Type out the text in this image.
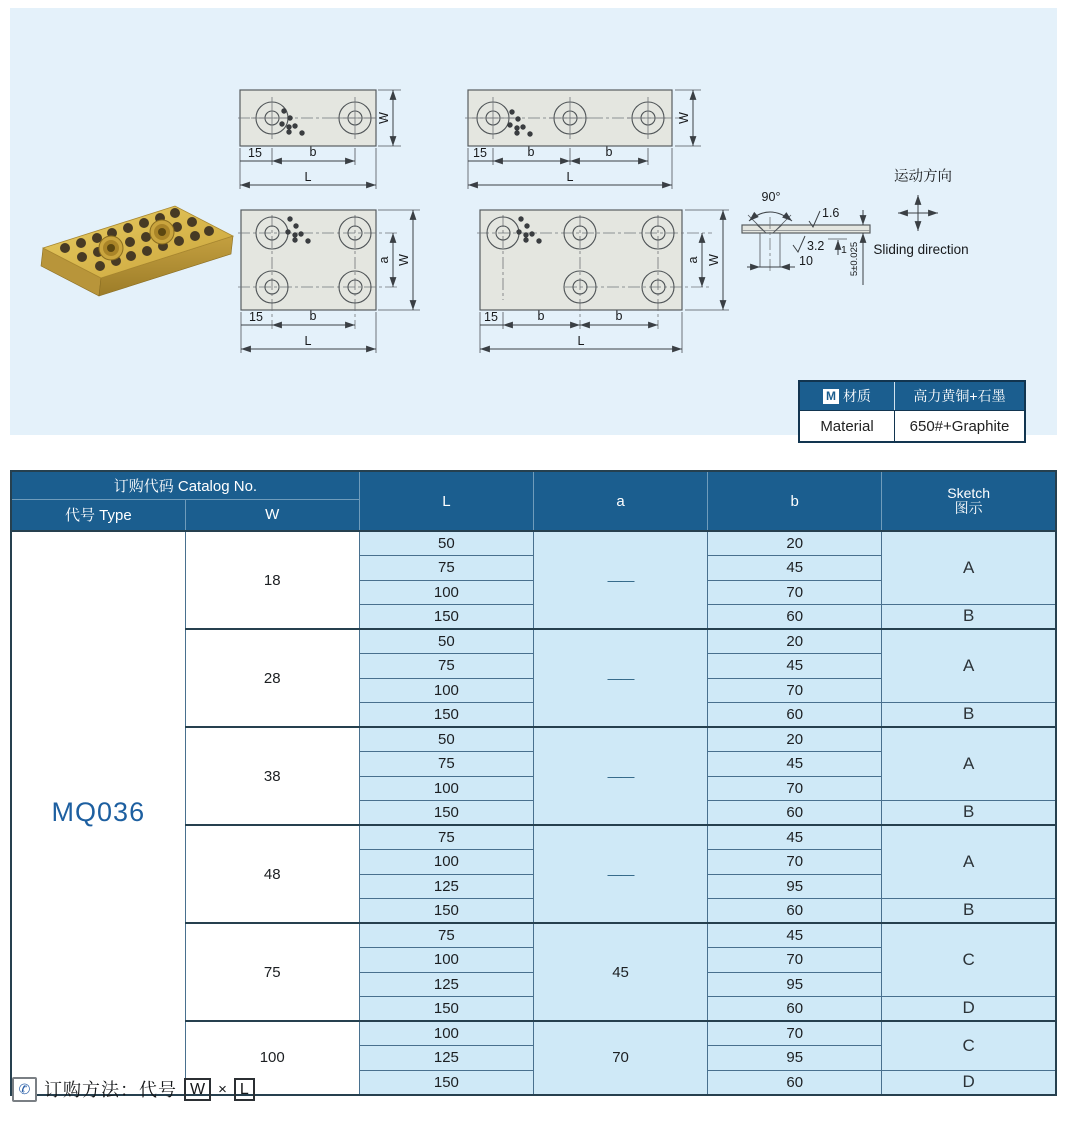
W
15	b
L
W
15	b	b
L
a W
15	b
L
a W
15	b	b
L
运动方向
Sliding direction
90°
10
1.6
3.2 1 5±0.025
M 材质	高力黄铜+石墨
Material	650#+Graphite
订购代码 Catalog No.		L	a	b	Sketch
图示

代号 Type	W				
MQ036	18	50	——	20	A
		75		45	
		100		70	
		150		60	B
	28	50	——	20	A
		75		45	
		100		70	
		150		60	B
	38	50	——	20	A
		75		45	
		100		70	
		150		60	B
	48	75	——	45	A
		100		70	
		125		95	
		150		60	B
	75	75	45	45	C
		100		70	
		125		95	
		150		60	D
	100	100	70	70	C
		125		95	
		150		60	D
✆ 订购方法：代号 W × L
